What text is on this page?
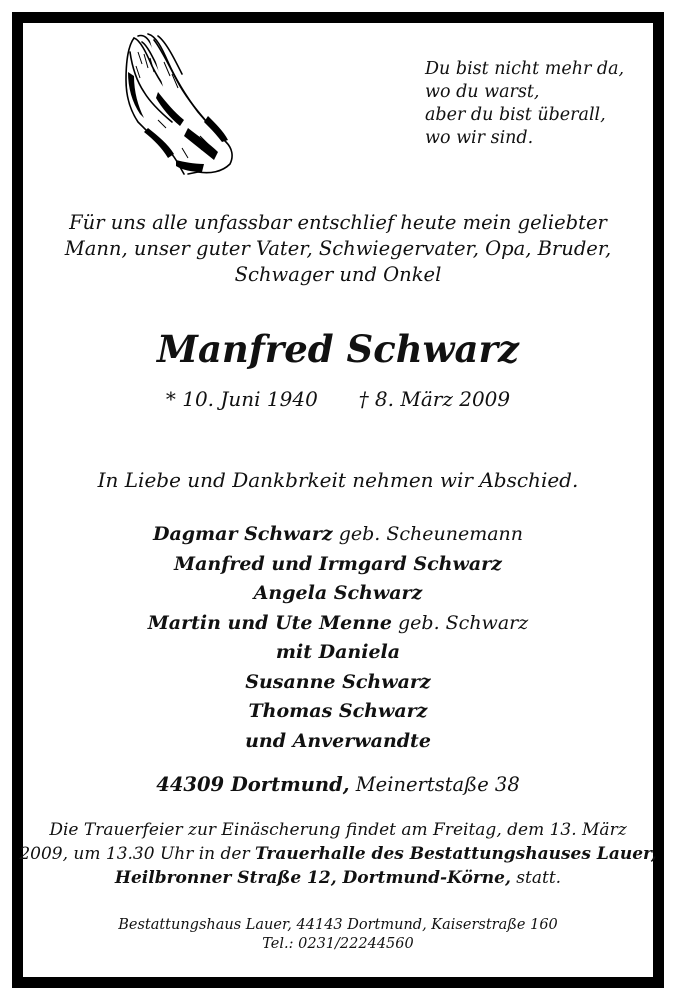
Du bist nicht mehr da,
wo du warst,
aber du bist überall,
wo wir sind.
Für uns alle unfassbar entschlief heute mein geliebter
Mann, unser guter Vater, Schwiegervater, Opa, Bruder,
Schwager und Onkel
Manfred Schwarz
* 10. Juni 1940 † 8. März 2009
In Liebe und Dankbrkeit nehmen wir Abschied.
Dagmar Schwarz geb. Scheunemann
Manfred und Irmgard Schwarz
Angela Schwarz
Martin und Ute Menne geb. Schwarz
mit Daniela
Susanne Schwarz
Thomas Schwarz
und Anverwandte
44309 Dortmund, Meinertstaße 38
Die Trauerfeier zur Einäscherung findet am Freitag, dem 13. März
2009, um 13.30 Uhr in der Trauerhalle des Bestattungshauses Lauer,
Heilbronner Straße 12, Dortmund-Körne, statt.
Bestattungshaus Lauer, 44143 Dortmund, Kaiserstraße 160
Tel.: 0231/22244560
